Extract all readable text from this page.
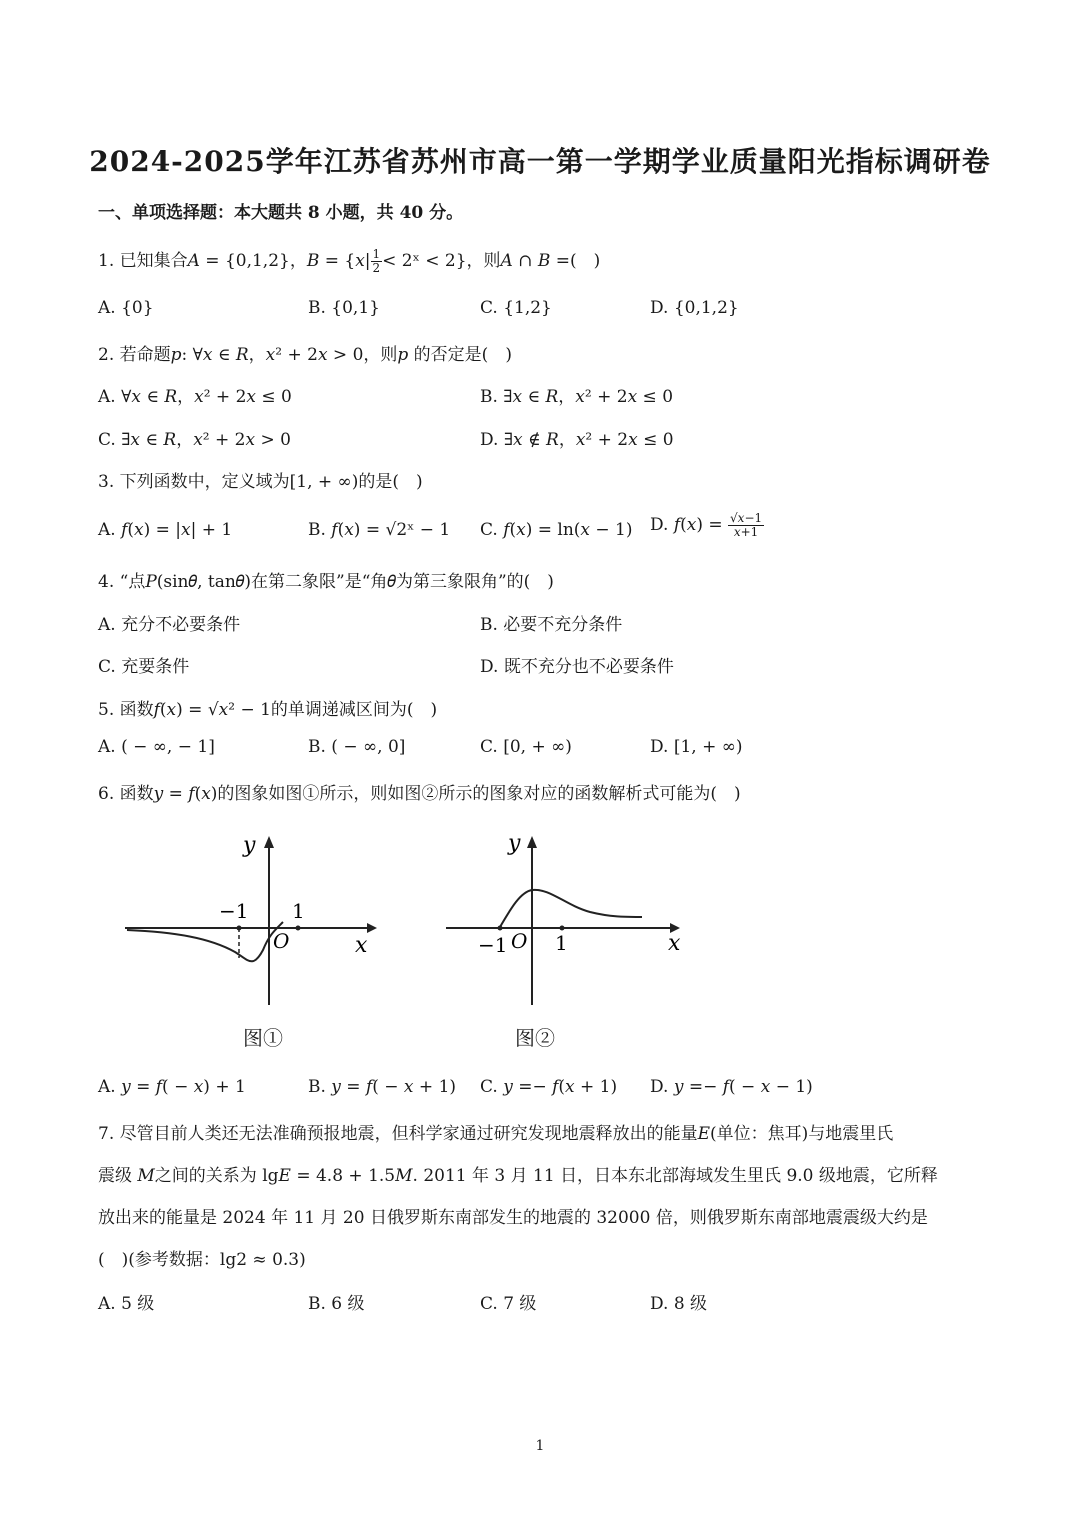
2024-2025学年江苏省苏州市高一第一学期学业质量阳光指标调研卷
一、单项选择题：本大题共 8 小题，共 40 分。
1. 已知集合𝐴 = {0,1,2}，𝐵 = {𝑥| $\frac{1}{2}$ < 2ˣ < 2}，则𝐴 ∩ 𝐵 =(　)
A. {0}	B. {0,1}	C. {1,2}	D. {0,1,2}
2. 若命题𝑝: ∀𝑥 ∈ 𝑅，𝑥² + 2𝑥 > 0，则𝑝 的否定是(　)
A. ∀𝑥 ∈ 𝑅，𝑥² + 2𝑥 ≤ 0	B. ∃𝑥 ∈ 𝑅，𝑥² + 2𝑥 ≤ 0
C. ∃𝑥 ∈ 𝑅，𝑥² + 2𝑥 > 0	D. ∃𝑥 ∉ 𝑅，𝑥² + 2𝑥 ≤ 0
3. 下列函数中，定义域为[1, + ∞)的是(　)
A. 𝑓(𝑥) = |𝑥| + 1	B. 𝑓(𝑥) = √2ˣ − 1 C. 𝑓(𝑥) = ln(𝑥 − 1) D. 𝑓(𝑥) = $\frac{\text{√𝑥−1}}{\text{𝑥+1}}$
4. “点𝑃(sin𝜃, tan𝜃)在第二象限”是“角𝜃为第三象限角”的(　)
A. 充分不必要条件	B. 必要不充分条件
C. 充要条件	D. 既不充分也不必要条件
5. 函数𝑓(𝑥) = √𝑥² − 1的单调递减区间为(　)
A. ( − ∞, − 1]	B. ( − ∞, 0]	C. [0, + ∞)	D. [1, + ∞)
6. 函数𝑦 = 𝑓(𝑥)的图象如图①所示，则如图②所示的图象对应的函数解析式可能为(　)
y
x
O
−1 1
图①
y
x
O
−1 1
图②
A. 𝑦 = 𝑓( − 𝑥) + 1	B. 𝑦 = 𝑓( − 𝑥 + 1) C. 𝑦 =− 𝑓(𝑥 + 1) D. 𝑦 =− 𝑓( − 𝑥 − 1)
7. 尽管目前人类还无法准确预报地震，但科学家通过研究发现地震释放出的能量𝐸(单位：焦耳)与地震里氏
震级 𝑀之间的关系为 lg𝐸 = 4.8 + 1.5𝑀. 2011 年 3 月 11 日，日本东北部海域发生里氏 9.0 级地震，它所释
放出来的能量是 2024 年 11 月 20 日俄罗斯东南部发生的地震的 32000 倍，则俄罗斯东南部地震震级大约是
(　)(参考数据：lg2 ≈ 0.3)
A. 5 级	B. 6 级	C. 7 级	D. 8 级
1
